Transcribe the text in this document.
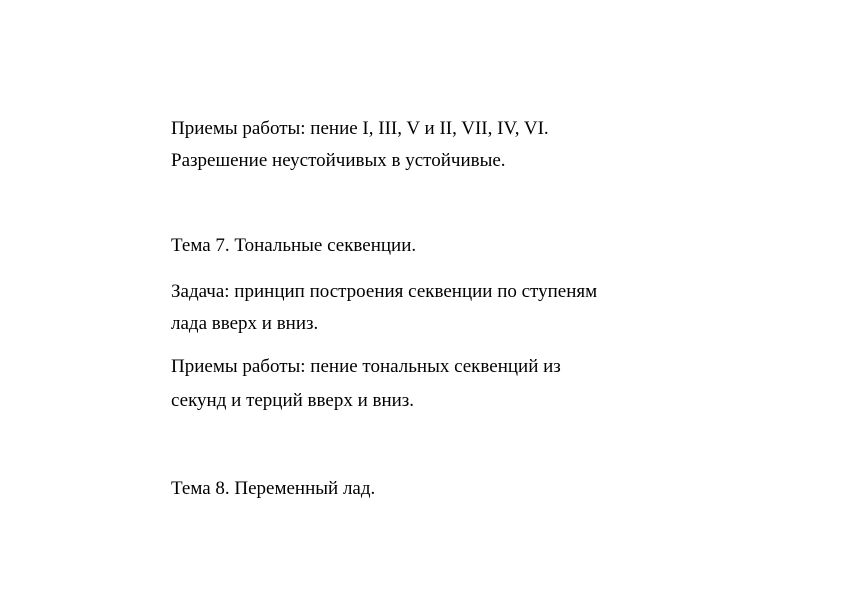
Приемы работы: пение I, III, V и II, VII, IV, VI.
Разрешение неустойчивых в устойчивые.
Тема 7. Тональные секвенции.
Задача: принцип построения секвенции по ступеням
лада вверх и вниз.
Приемы работы: пение тональных секвенций из
секунд и терций вверх и вниз.
Тема 8. Переменный лад.
